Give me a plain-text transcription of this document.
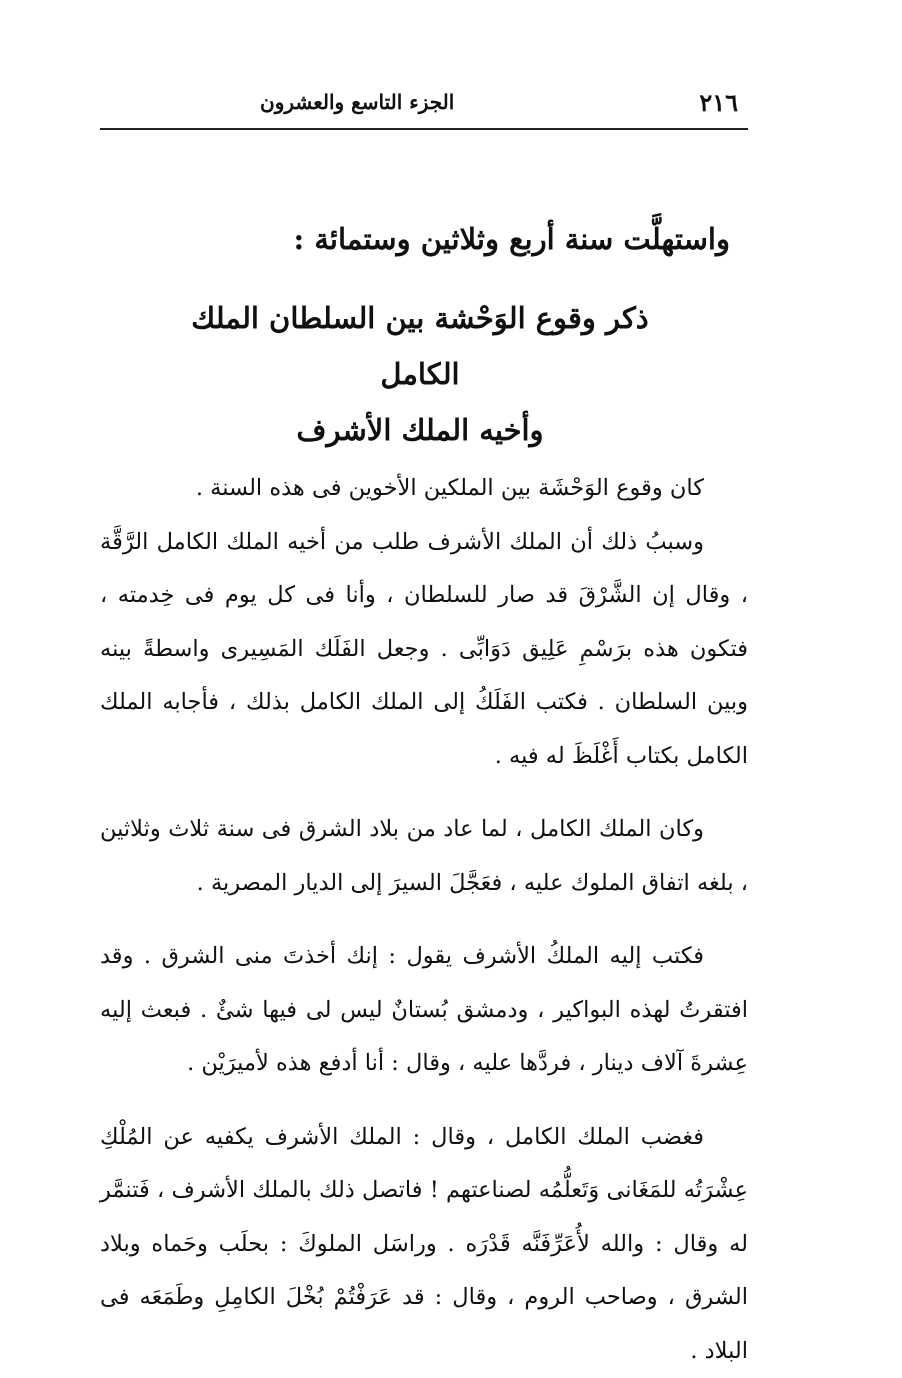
٢١٦
الجزء التاسع والعشرون
واستهلَّت سنة أربع وثلاثين وستمائة :
ذكر وقوع الوَحْشة بين السلطان الملك الكامل
وأخيه الملك الأشرف

كان وقوع الوَحْشَة بين الملكين الأخوين فى هذه السنة .

وسببُ ذلك أن الملك الأشرف طلب من أخيه الملك الكامل الرَّقَّة ، وقال إن الشَّرْقَ قد صار للسلطان ، وأنا فى كل يوم فى خِدمته ، فتكون هذه برَسْمِ عَلِيق دَوَابِّى . وجعل الفَلَك المَسِيرى واسطةً بينه وبين السلطان . فكتب الفَلَكُ إلى الملك الكامل بذلك ، فأجابه الملك الكامل بكتاب أَغْلَظَ له فيه .

وكان الملك الكامل ، لما عاد من بلاد الشرق فى سنة ثلاث وثلاثين ، بلغه اتفاق الملوك عليه ، فعَجَّلَ السيرَ إلى الديار المصرية .

فكتب إليه الملكُ الأشرف يقول : إنك أخذتَ منى الشرق . وقد افتقرتُ لهذه البواكير ، ودمشق بُستانٌ ليس لى فيها شئٌ . فبعث إليه عِشرةَ آلاف دينار ، فردَّها عليه ، وقال : أنا أدفع هذه لأميرَيْن .

فغضب الملك الكامل ، وقال : الملك الأشرف يكفيه عن المُلْكِ عِشْرَتُه للمَغَانى وَتَعلُّمُه لصناعتهم ! فاتصل ذلك بالملك الأشرف ، فَتنمَّر له وقال : والله لأُعَرِّفَنَّه قَدْرَه . وراسَل الملوكَ : بحلَب وحَماه وبلاد الشرق ، وصاحب الروم ، وقال : قد عَرَفْتُمْ بُخْلَ الكامِلِ وطَمَعَه فى البلاد .
